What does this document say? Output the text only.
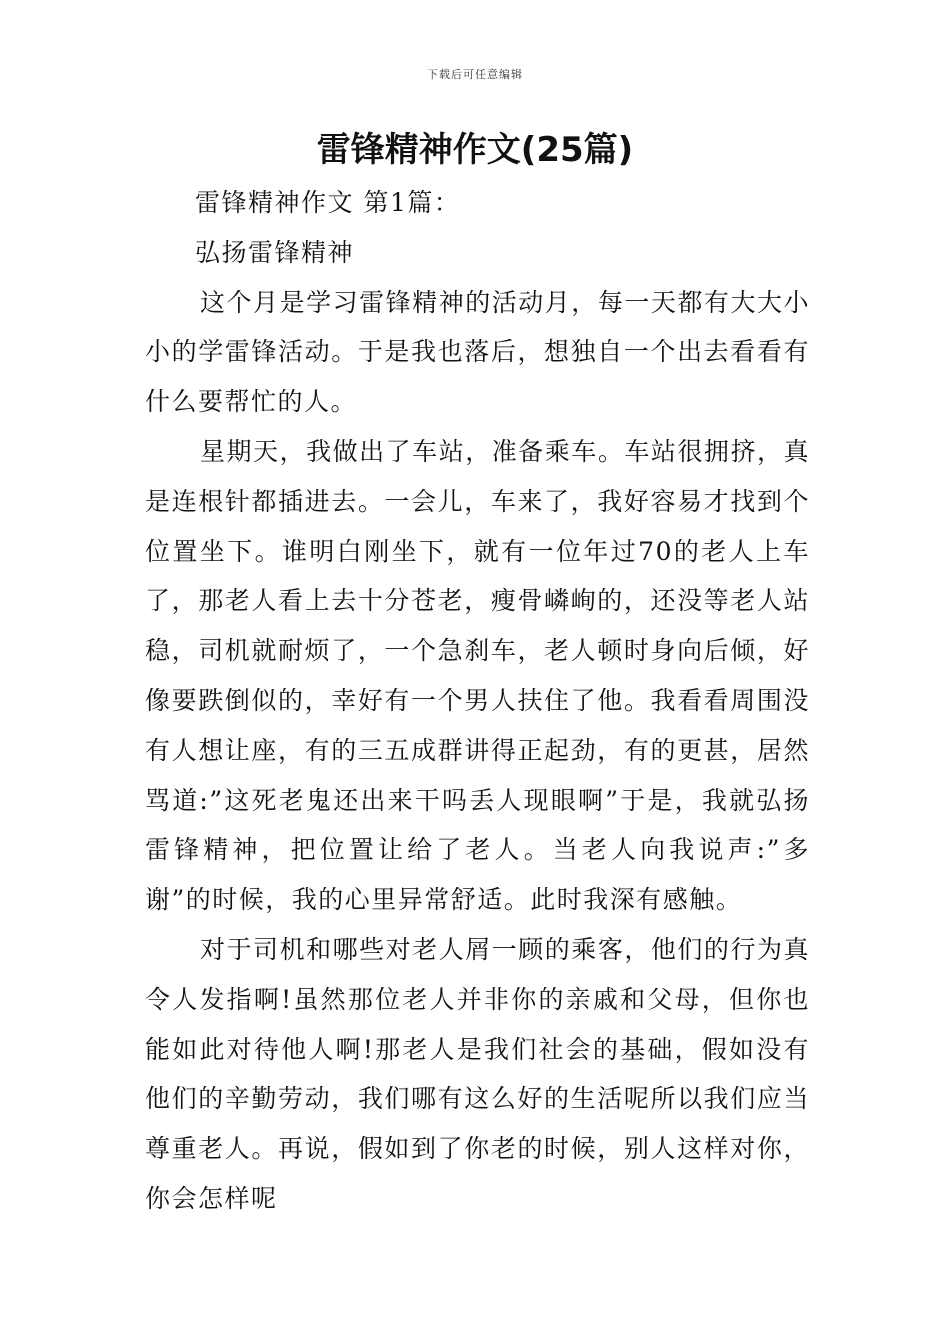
下载后可任意编辑
雷锋精神作文(25篇)

雷锋精神作文 第1篇：

弘扬雷锋精神

这个月是学习雷锋精神的活动月，每一天都有大大小小的学雷锋活动。于是我也落后，想独自一个出去看看有什么要帮忙的人。

星期天，我做出了车站，准备乘车。车站很拥挤，真是连根针都插进去。一会儿，车来了，我好容易才找到个位置坐下。谁明白刚坐下，就有一位年过70的老人上车了，那老人看上去十分苍老，瘦骨嶙峋的，还没等老人站稳，司机就耐烦了，一个急刹车，老人顿时身向后倾，好像要跌倒似的，幸好有一个男人扶住了他。我看看周围没有人想让座，有的三五成群讲得正起劲，有的更甚，居然骂道:”这死老鬼还出来干吗丢人现眼啊”于是，我就弘扬雷锋精神，把位置让给了老人。当老人向我说声:”多谢”的时候，我的心里异常舒适。此时我深有感触。

对于司机和哪些对老人屑一顾的乘客，他们的行为真令人发指啊!虽然那位老人并非你的亲戚和父母，但你也能如此对待他人啊!那老人是我们社会的基础，假如没有他们的辛勤劳动，我们哪有这么好的生活呢所以我们应当尊重老人。再说，假如到了你老的时候，别人这样对你，你会怎样呢
